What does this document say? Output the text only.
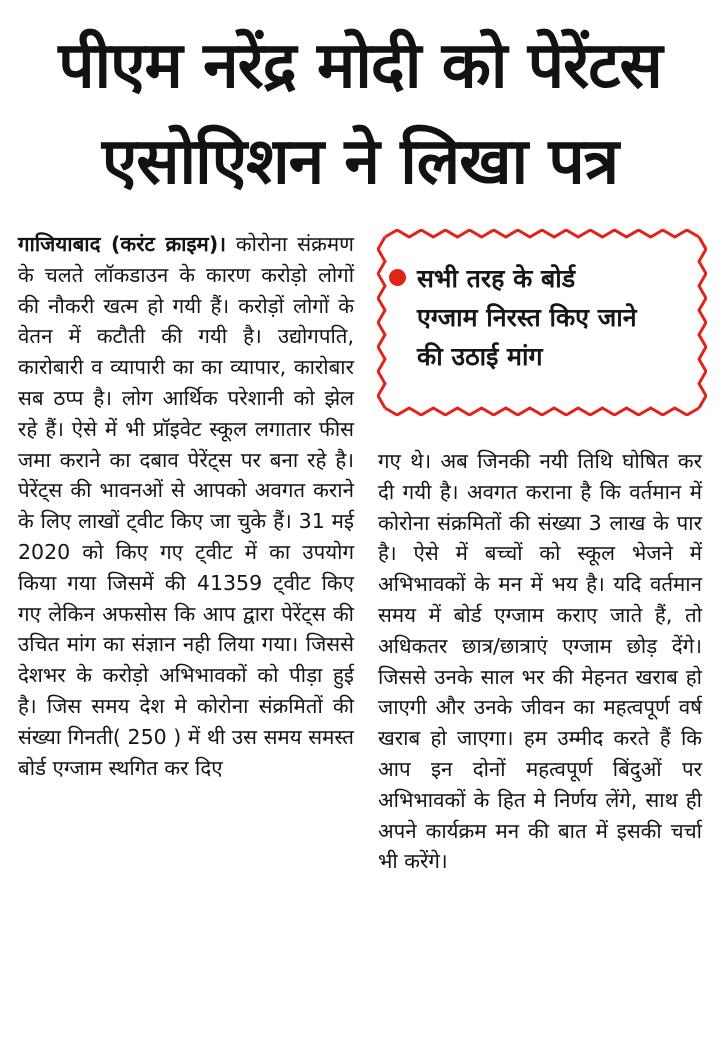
पीएम नरेंद्र मोदी को पेरेंटस
एसोएिशन ने लिखा पत्र
गाजियाबाद (करंट क्राइम)। कोरोना संक्रमण के चलते लॉकडाउन के कारण करोड़ो लोगों की नौकरी खत्म हो गयी हैं। करोड़ों लोगों के वेतन में कटौती की गयी है। उद्योगपति, कारोबारी व व्यापारी का का व्यापार, कारोबार सब ठप्प है। लोग आर्थिक परेशानी को झेल रहे हैं। ऐसे में भी प्रॉइवेट स्कूल लगातार फीस जमा कराने का दबाव पेरेंट्स पर बना रहे है। पेरेंट्स की भावनओं से आपको अवगत कराने के लिए लाखों ट्वीट किए जा चुके हैं। 31 मई 2020 को किए गए ट्वीट में का उपयोग किया गया जिसमें की 41359 ट्वीट किए गए लेकिन अफसोस कि आप द्वारा पेरेंट्स की उचित मांग का संज्ञान नही लिया गया। जिससे देशभर के करोड़ो अभिभावकों को पीड़ा हुई है। जिस समय देश मे कोरोना संक्रमितों की संख्या गिनती( 250 ) में थी उस समय समस्त बोर्ड एग्जाम स्थगित कर दिए
सभी तरह के बोर्ड
एग्जाम निरस्त किए जाने
की उठाई मांग
गए थे। अब जिनकी नयी तिथि घोषित कर दी गयी है। अवगत कराना है कि वर्तमान में कोरोना संक्रमितों की संख्या 3 लाख के पार है। ऐसे में बच्चों को स्कूल भेजने में अभिभावकों के मन में भय है। यदि वर्तमान समय में बोर्ड एग्जाम कराए जाते हैं, तो अधिकतर छात्र/छात्राएं एग्जाम छोड़ देंगे। जिससे उनके साल भर की मेहनत खराब हो जाएगी और उनके जीवन का महत्वपूर्ण वर्ष खराब हो जाएगा। हम उम्मीद करते हैं कि आप इन दोनों महत्वपूर्ण बिंदुओं पर अभिभावकों के हित मे निर्णय लेंगे, साथ ही अपने कार्यक्रम मन की बात में इसकी चर्चा भी करेंगे।
